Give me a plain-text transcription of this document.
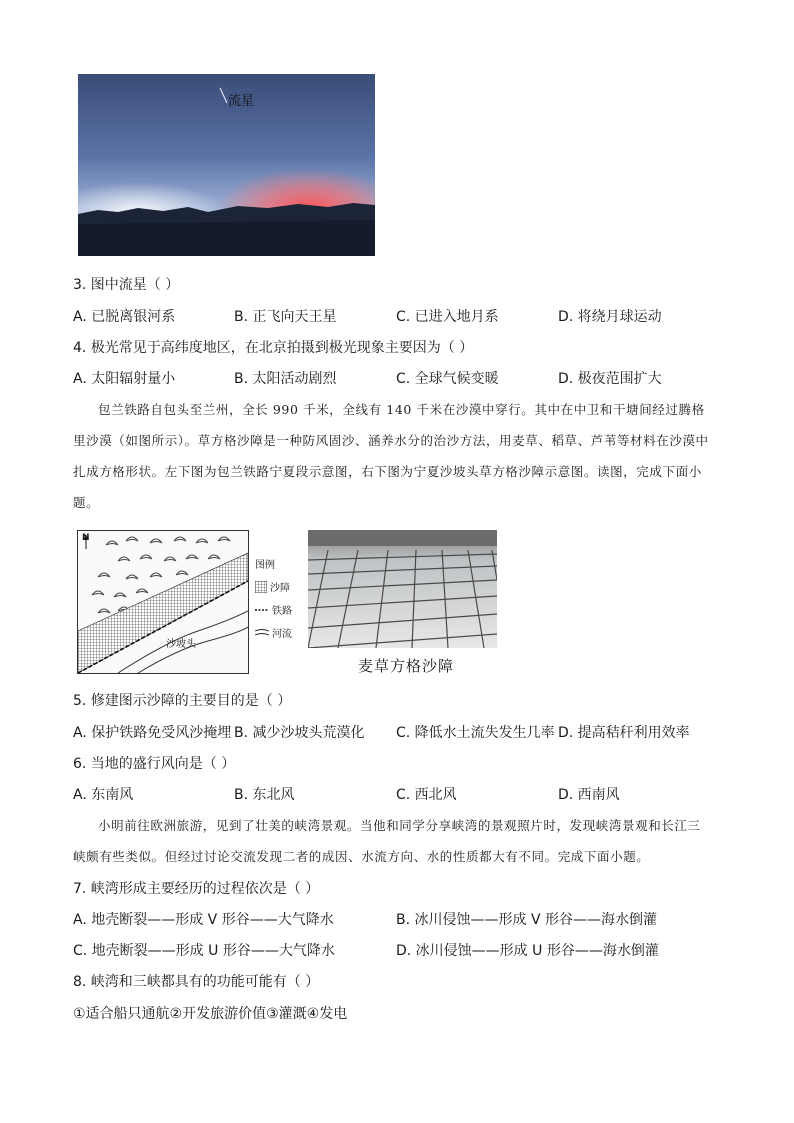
流星
3. 图中流星（ ）
A. 已脱离银河系	B. 正飞向天王星	C. 已进入地月系	D. 将绕月球运动
4. 极光常见于高纬度地区，在北京拍摄到极光现象主要因为（ ）
A. 太阳辐射量小	B. 太阳活动剧烈	C. 全球气候变暖	D. 极夜范围扩大
包兰铁路自包头至兰州，全长 990 千米，全线有 140 千米在沙漠中穿行。其中在中卫和干塘间经过腾格里沙漠（如图所示）。草方格沙障是一种防风固沙、涵养水分的治沙方法，用麦草、稻草、芦苇等材料在沙漠中扎成方格形状。左下图为包兰铁路宁夏段示意图，右下图为宁夏沙坡头草方格沙障示意图。读图，完成下面小题。
N
沙坡头
图例
沙障
铁路
河流
麦草方格沙障
5. 修建图示沙障的主要目的是（ ）
A. 保护铁路免受风沙掩埋 B. 减少沙坡头荒漠化 C. 降低水土流失发生几率 D. 提高秸秆利用效率
6. 当地的盛行风向是（ ）
A. 东南风	B. 东北风	C. 西北风	D. 西南风
小明前往欧洲旅游，见到了壮美的峡湾景观。当他和同学分享峡湾的景观照片时，发现峡湾景观和长江三峡颇有些类似。但经过讨论交流发现二者的成因、水流方向、水的性质都大有不同。完成下面小题。
7. 峡湾形成主要经历的过程依次是（ ）
A. 地壳断裂——形成 V 形谷——大气降水	B. 冰川侵蚀——形成 V 形谷——海水倒灌
C. 地壳断裂——形成 U 形谷——大气降水	D. 冰川侵蚀——形成 U 形谷——海水倒灌
8. 峡湾和三峡都具有的功能可能有（ ）
①适合船只通航②开发旅游价值③灌溉④发电
